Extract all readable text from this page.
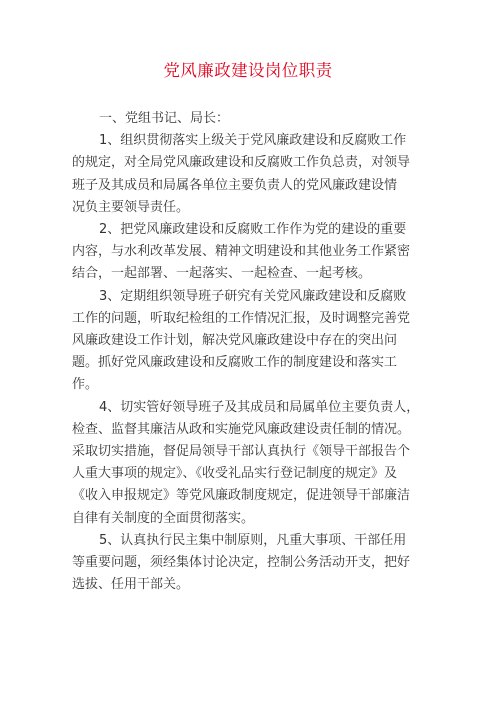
党风廉政建设岗位职责

一、党组书记、局长：

1、组织贯彻落实上级关于党风廉政建设和反腐败工作
的规定，对全局党风廉政建设和反腐败工作负总责，对领导
班子及其成员和局属各单位主要负责人的党风廉政建设情
况负主要领导责任。

2、把党风廉政建设和反腐败工作作为党的建设的重要
内容，与水利改革发展、精神文明建设和其他业务工作紧密
结合，一起部署、一起落实、一起检查、一起考核。

3、定期组织领导班子研究有关党风廉政建设和反腐败
工作的问题，听取纪检组的工作情况汇报，及时调整完善党
风廉政建设工作计划，解决党风廉政建设中存在的突出问
题。抓好党风廉政建设和反腐败工作的制度建设和落实工
作。

4、切实管好领导班子及其成员和局属单位主要负责人，
检查、监督其廉洁从政和实施党风廉政建设责任制的情况。
采取切实措施，督促局领导干部认真执行《领导干部报告个
人重大事项的规定》、《收受礼品实行登记制度的规定》及
《收入申报规定》等党风廉政制度规定，促进领导干部廉洁
自律有关制度的全面贯彻落实。

5、认真执行民主集中制原则，凡重大事项、干部任用
等重要问题，须经集体讨论决定，控制公务活动开支，把好
选拔、任用干部关。
